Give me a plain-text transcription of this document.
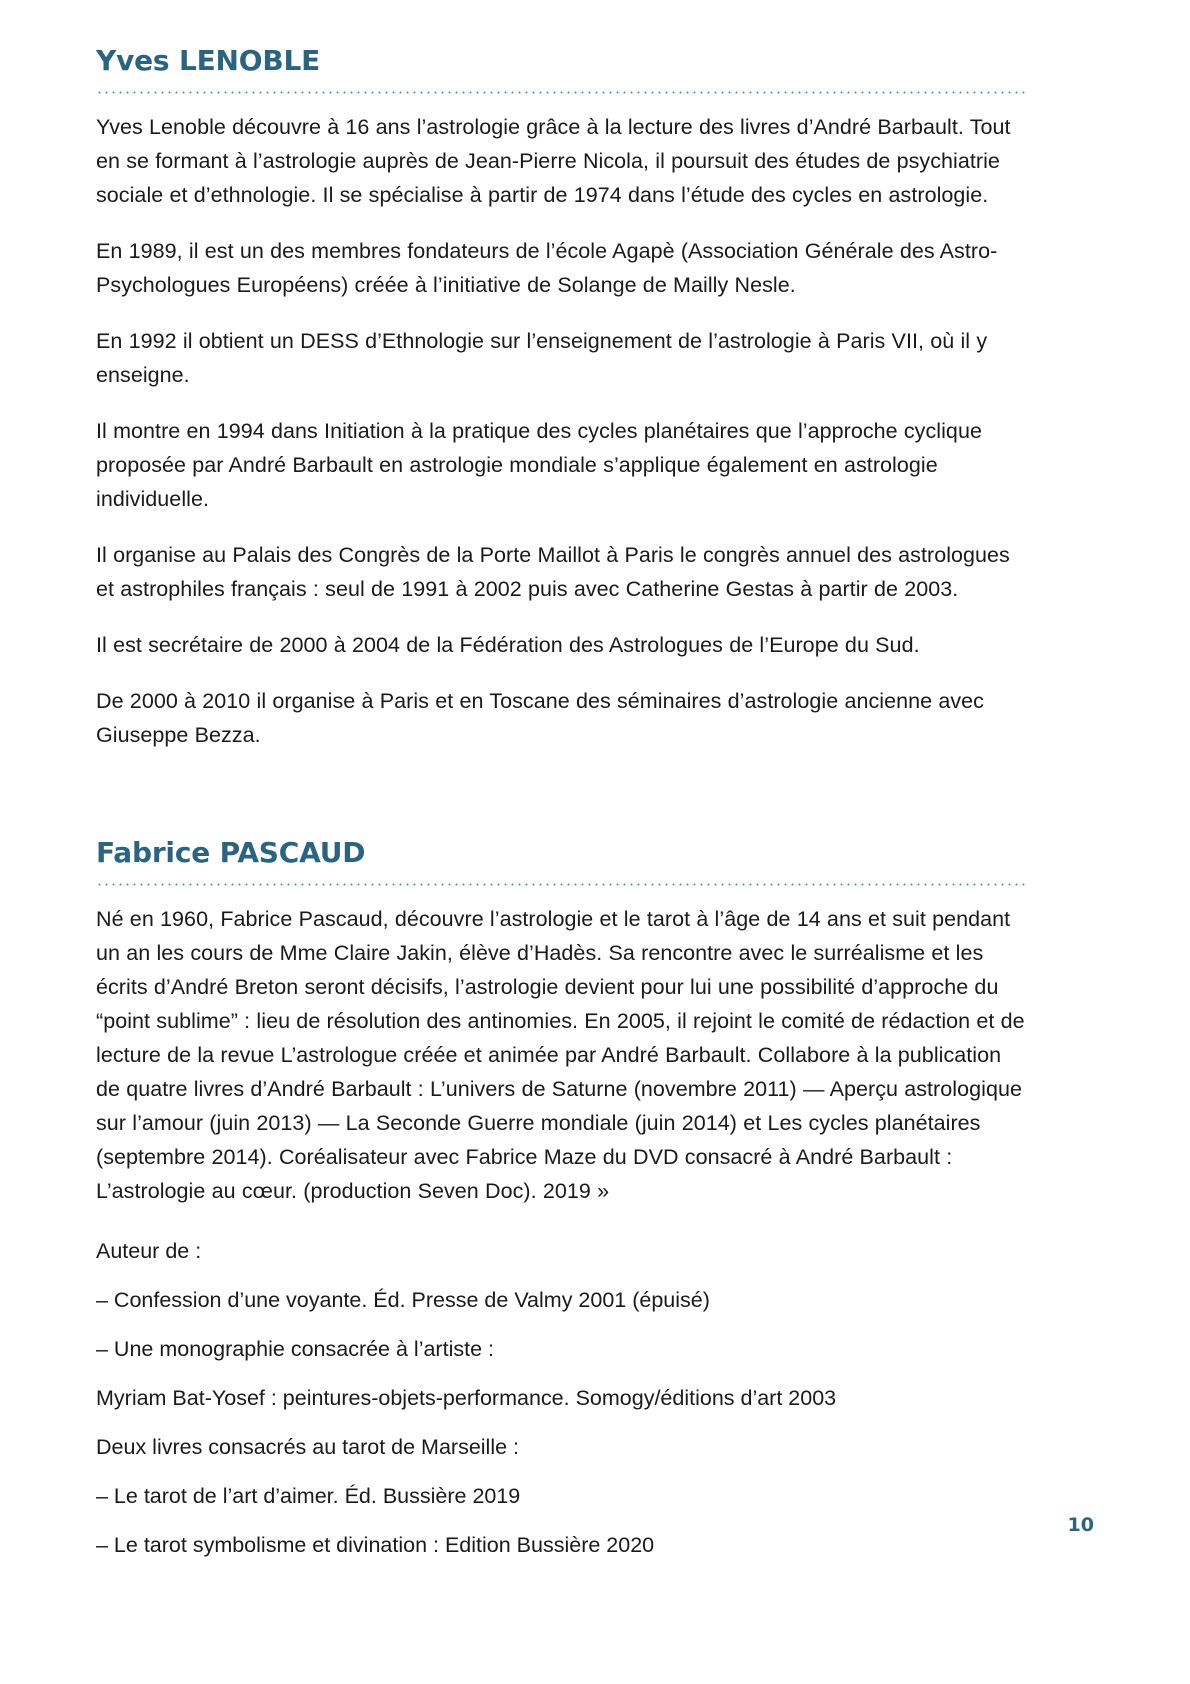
Yves LENOBLE

Yves Lenoble découvre à 16 ans l’astrologie grâce à la lecture des livres d’André Barbault. Tout en se formant à l’astrologie auprès de Jean-Pierre Nicola, il poursuit des études de psychiatrie sociale et d’ethnologie. Il se spécialise à partir de 1974 dans l’étude des cycles en astrologie.

En 1989, il est un des membres fondateurs de l’école Agapè (Association Générale des Astro-Psychologues Européens) créée à l’initiative de Solange de Mailly Nesle.

En 1992 il obtient un DESS d’Ethnologie sur l’enseignement de l’astrologie à Paris VII, où il y enseigne.

Il montre en 1994 dans Initiation à la pratique des cycles planétaires que l’approche cyclique proposée par André Barbault en astrologie mondiale s’applique également en astrologie individuelle.

Il organise au Palais des Congrès de la Porte Maillot à Paris le congrès annuel des astrologues et astrophiles français : seul de 1991 à 2002 puis avec Catherine Gestas à partir de 2003.

Il est secrétaire de 2000 à 2004 de la Fédération des Astrologues de l’Europe du Sud.

De 2000 à 2010 il organise à Paris et en Toscane des séminaires d’astrologie ancienne avec Giuseppe Bezza.

Fabrice PASCAUD

Né en 1960, Fabrice Pascaud, découvre l’astrologie et le tarot à l’âge de 14 ans et suit pendant un an les cours de Mme Claire Jakin, élève d’Hadès. Sa rencontre avec le surréalisme et les écrits d’André Breton seront décisifs, l’astrologie devient pour lui une possibilité d’approche du “point sublime” : lieu de résolution des antinomies. En 2005, il rejoint le comité de rédaction et de lecture de la revue L’astrologue créée et animée par André Barbault. Collabore à la publication de quatre livres d’André Barbault : L’univers de Saturne (novembre 2011) — Aperçu astrologique sur l’amour (juin 2013) — La Seconde Guerre mondiale (juin 2014) et Les cycles planétaires (septembre 2014). Coréalisateur avec Fabrice Maze du DVD consacré à André Barbault : L’astrologie au cœur. (production Seven Doc). 2019 »

Auteur de :
– Confession d’une voyante. Éd. Presse de Valmy 2001 (épuisé)
– Une monographie consacrée à l’artiste :
Myriam Bat-Yosef : peintures-objets-performance. Somogy/éditions d’art 2003
Deux livres consacrés au tarot de Marseille :
– Le tarot de l’art d’aimer. Éd. Bussière 2019
– Le tarot symbolisme et divination : Edition Bussière 2020
10
